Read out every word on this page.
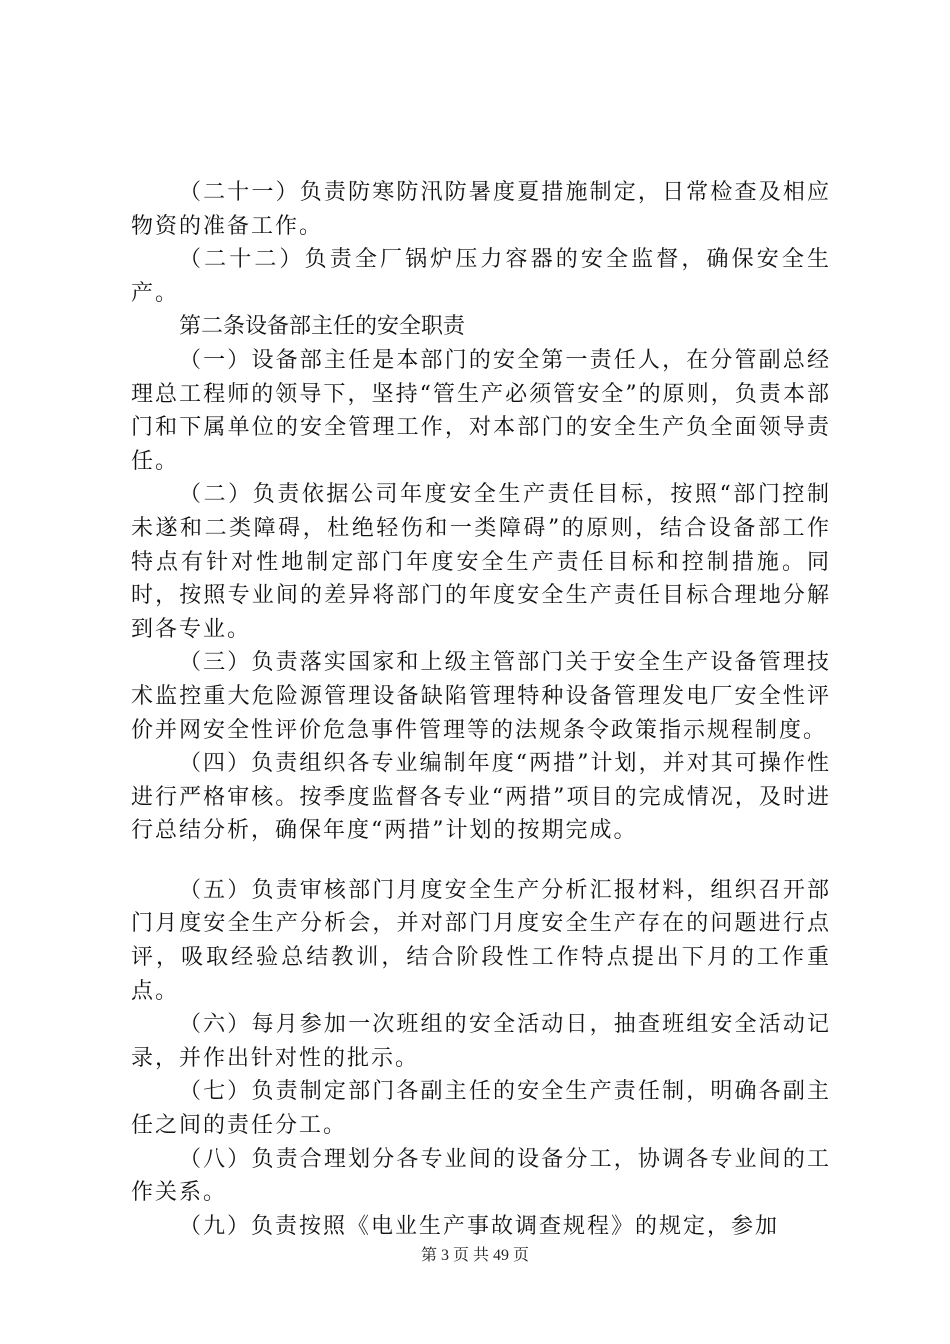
（二十一）负责防寒防汛防暑度夏措施制定，日常检查及相应物资的准备工作。

（二十二）负责全厂锅炉压力容器的安全监督，确保安全生产。

第二条设备部主任的安全职责

（一）设备部主任是本部门的安全第一责任人，在分管副总经理总工程师的领导下，坚持“管生产必须管安全”的原则，负责本部门和下属单位的安全管理工作，对本部门的安全生产负全面领导责任。

（二）负责依据公司年度安全生产责任目标，按照“部门控制未遂和二类障碍，杜绝轻伤和一类障碍”的原则，结合设备部工作特点有针对性地制定部门年度安全生产责任目标和控制措施。同时，按照专业间的差异将部门的年度安全生产责任目标合理地分解到各专业。

（三）负责落实国家和上级主管部门关于安全生产设备管理技术监控重大危险源管理设备缺陷管理特种设备管理发电厂安全性评价并网安全性评价危急事件管理等的法规条令政策指示规程制度。

（四）负责组织各专业编制年度“两措”计划，并对其可操作性进行严格审核。按季度监督各专业“两措”项目的完成情况，及时进行总结分析，确保年度“两措”计划的按期完成。

（五）负责审核部门月度安全生产分析汇报材料，组织召开部门月度安全生产分析会，并对部门月度安全生产存在的问题进行点评，吸取经验总结教训，结合阶段性工作特点提出下月的工作重点。

（六）每月参加一次班组的安全活动日，抽查班组安全活动记录，并作出针对性的批示。

（七）负责制定部门各副主任的安全生产责任制，明确各副主任之间的责任分工。

（八）负责合理划分各专业间的设备分工，协调各专业间的工作关系。

（九）负责按照《电业生产事故调查规程》的规定，参加

第 3 页 共 49 页
